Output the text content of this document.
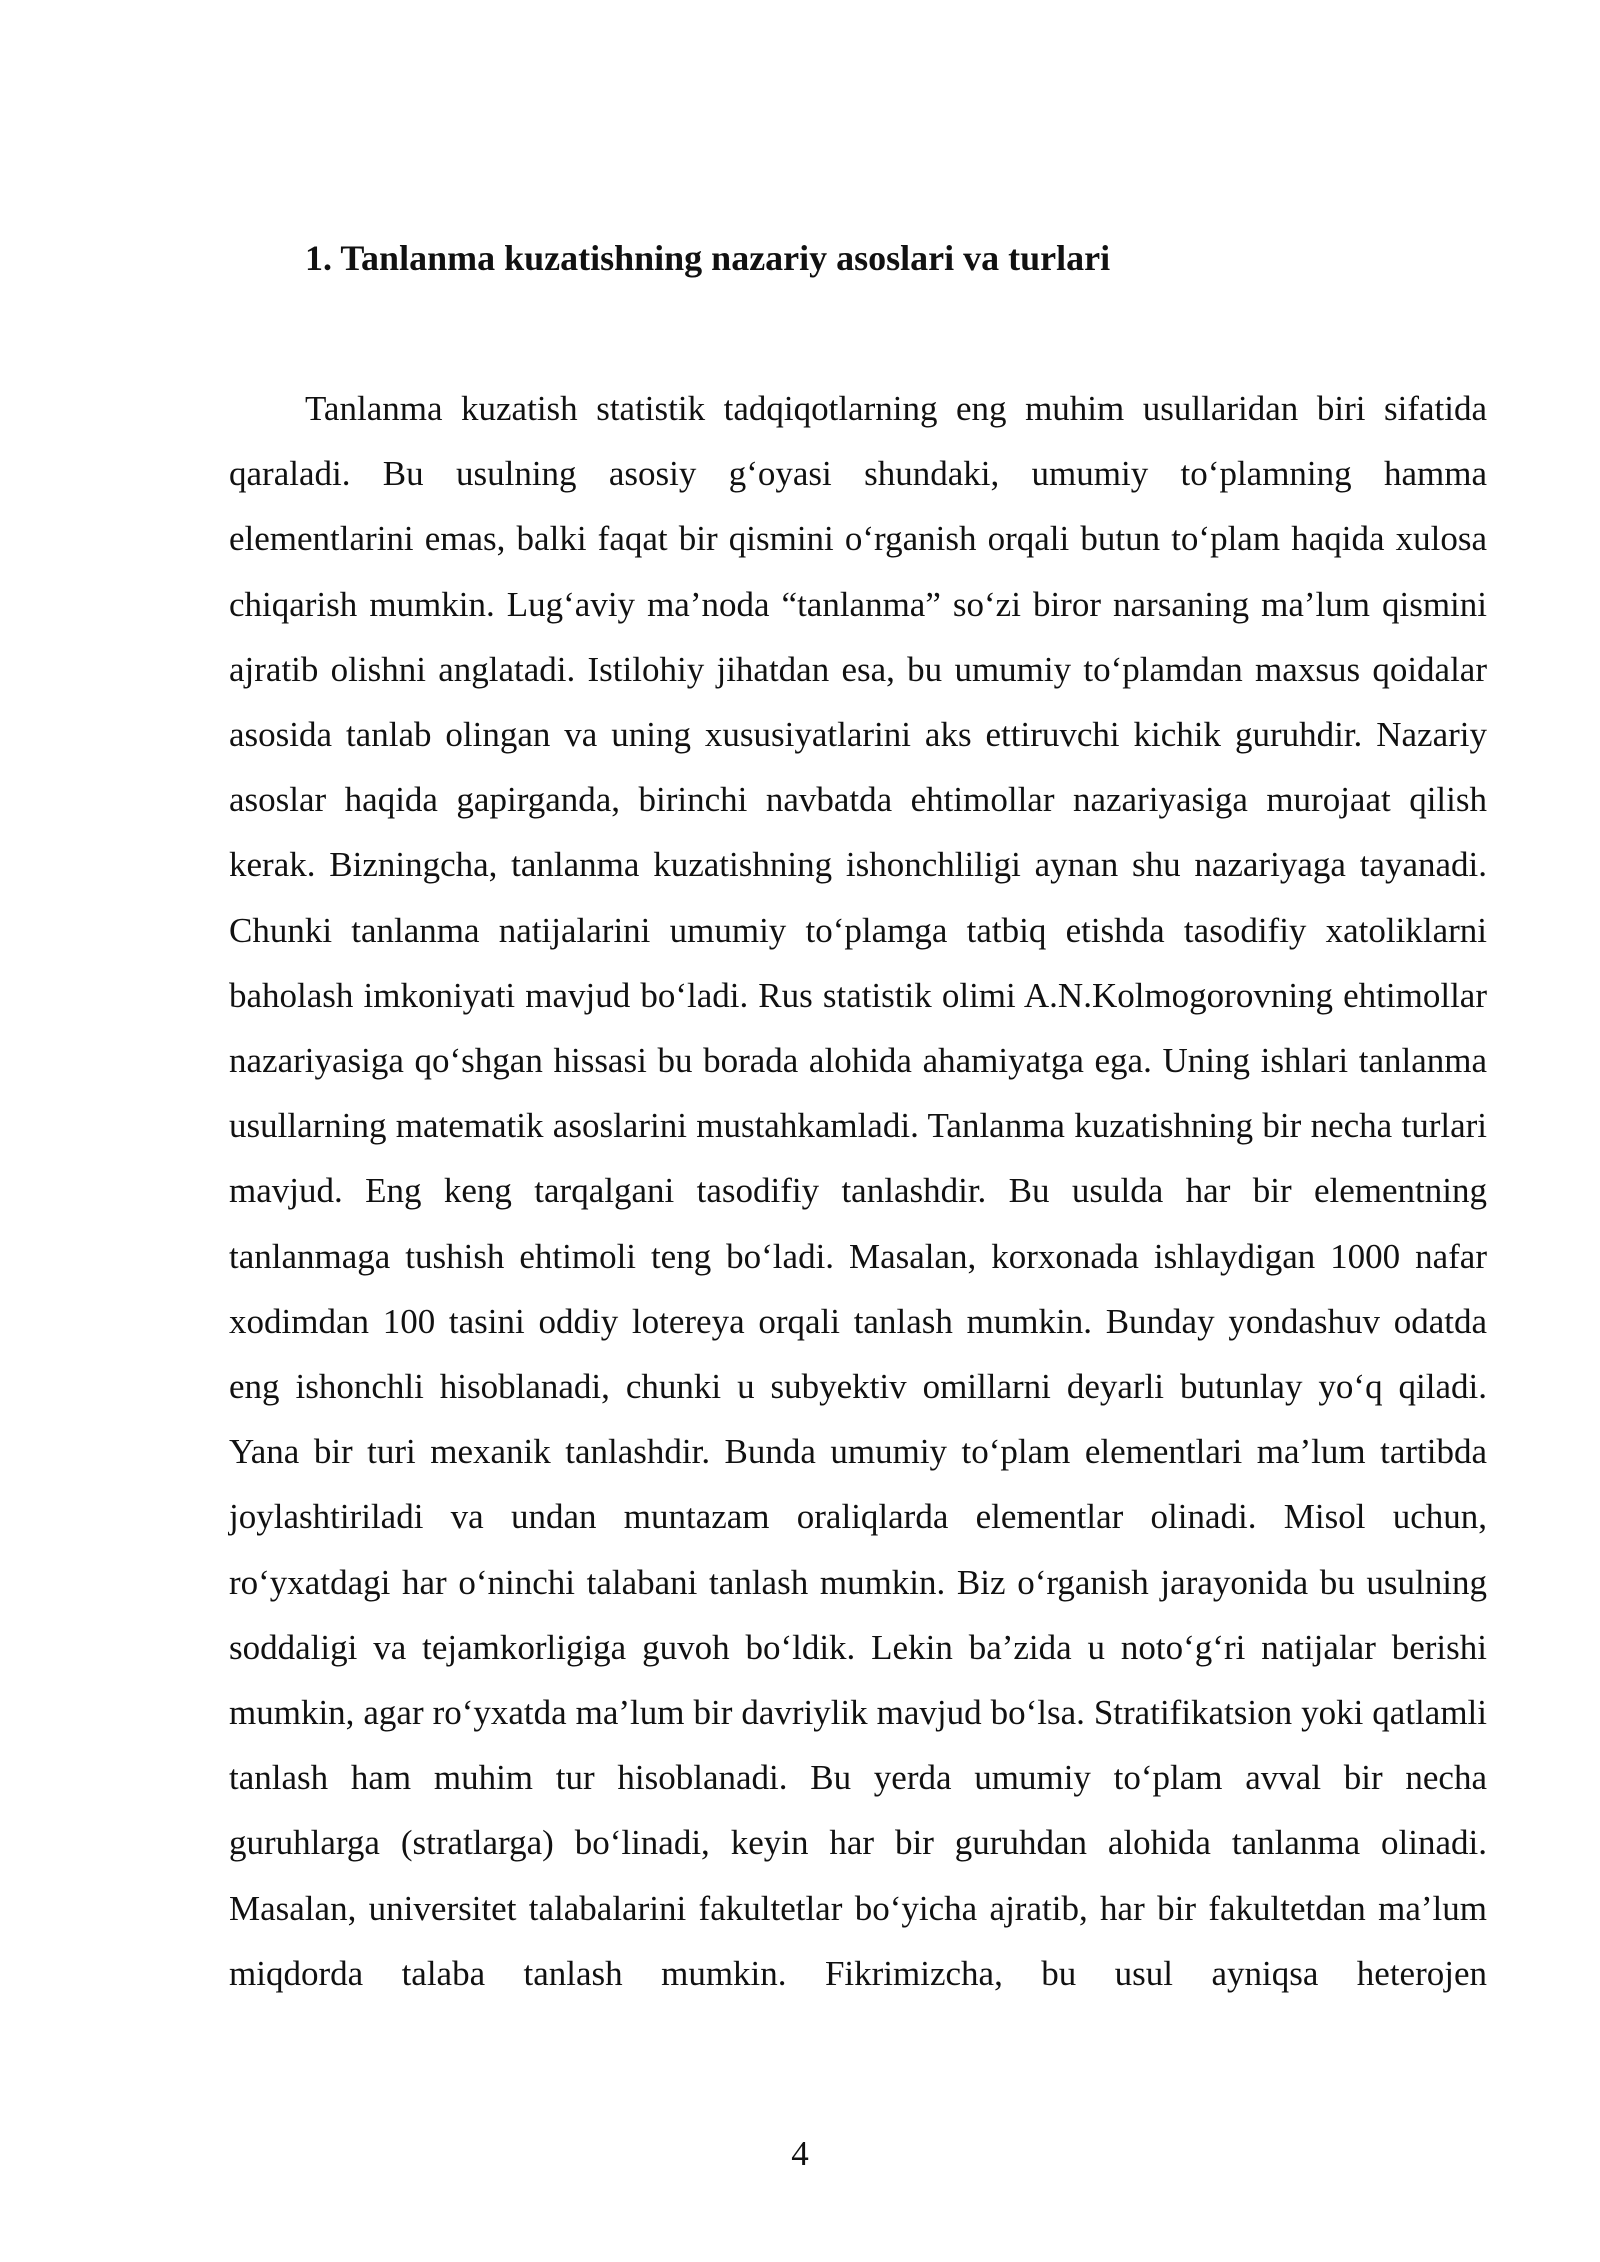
1. Tanlanma kuzatishning nazariy asoslari va turlari

Tanlanma kuzatish statistik tadqiqotlarning eng muhim usullaridan biri sifatida qaraladi. Bu usulning asosiy g‘oyasi shundaki, umumiy to‘plamning hamma elementlarini emas, balki faqat bir qismini o‘rganish orqali butun to‘plam haqida xulosa chiqarish mumkin. Lug‘aviy ma’noda “tanlanma” so‘zi biror narsaning ma’lum qismini ajratib olishni anglatadi. Istilohiy jihatdan esa, bu umumiy to‘plamdan maxsus qoidalar asosida tanlab olingan va uning xususiyatlarini aks ettiruvchi kichik guruhdir. Nazariy asoslar haqida gapirganda, birinchi navbatda ehtimollar nazariyasiga murojaat qilish kerak. Bizningcha, tanlanma kuzatishning ishonchliligi aynan shu nazariyaga tayanadi. Chunki tanlanma natijalarini umumiy to‘plamga tatbiq etishda tasodifiy xatoliklarni baholash imkoniyati mavjud bo‘ladi. Rus statistik olimi A.N.Kolmogorovning ehtimollar nazariyasiga qo‘shgan hissasi bu borada alohida ahamiyatga ega. Uning ishlari tanlanma usullarning matematik asoslarini mustahkamladi. Tanlanma kuzatishning bir necha turlari mavjud. Eng keng tarqalgani tasodifiy tanlashdir. Bu usulda har bir elementning tanlanmaga tushish ehtimoli teng bo‘ladi. Masalan, korxonada ishlaydigan 1000 nafar xodimdan 100 tasini oddiy lotereya orqali tanlash mumkin. Bunday yondashuv odatda eng ishonchli hisoblanadi, chunki u subyektiv omillarni deyarli butunlay yo‘q qiladi. Yana bir turi mexanik tanlashdir. Bunda umumiy to‘plam elementlari ma’lum tartibda joylashtiriladi va undan muntazam oraliqlarda elementlar olinadi. Misol uchun, ro‘yxatdagi har o‘ninchi talabani tanlash mumkin. Biz o‘rganish jarayonida bu usulning soddaligi va tejamkorligiga guvoh bo‘ldik. Lekin ba’zida u noto‘g‘ri natijalar berishi mumkin, agar ro‘yxatda ma’lum bir davriylik mavjud bo‘lsa. Stratifikatsion yoki qatlamli tanlash ham muhim tur hisoblanadi. Bu yerda umumiy to‘plam avval bir necha guruhlarga (stratlarga) bo‘linadi, keyin har bir guruhdan alohida tanlanma olinadi. Masalan, universitet talabalarini fakultetlar bo‘yicha ajratib, har bir fakultetdan ma’lum miqdorda talaba tanlash mumkin. Fikrimizcha, bu usul ayniqsa heterojen

4
